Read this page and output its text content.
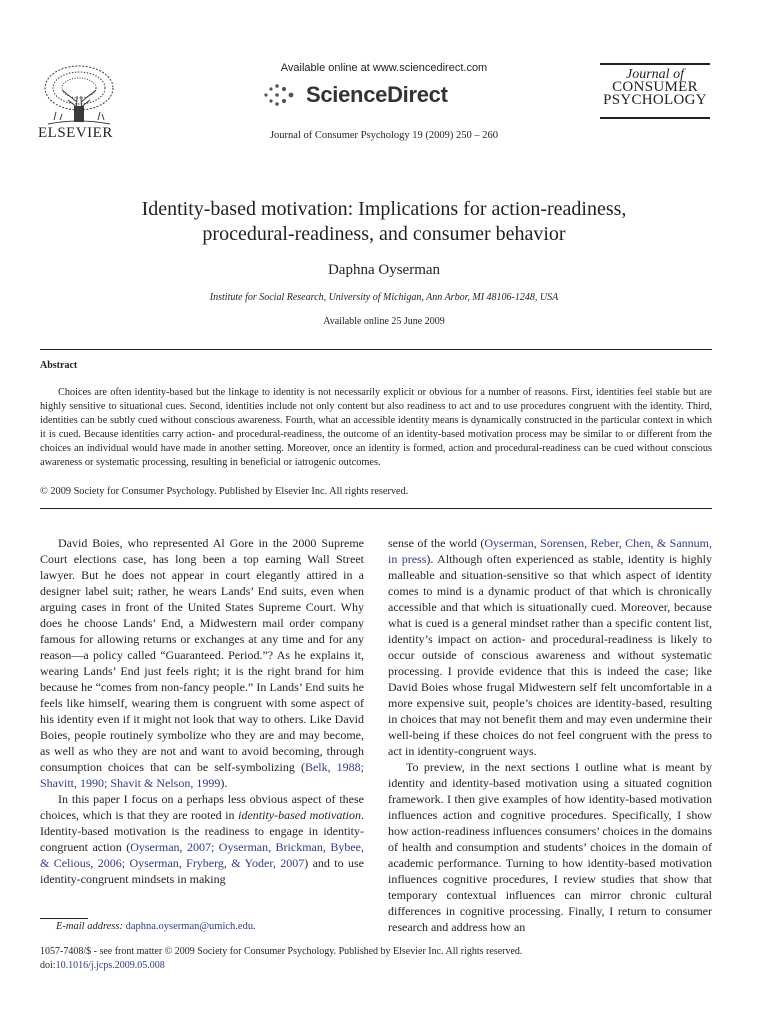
ELSEVIER
Available online at www.sciencedirect.com
ScienceDirect
Journal of Consumer Psychology 19 (2009) 250 – 260
Journal of
CONSUMER
PSYCHOLOGY
Identity-based motivation: Implications for action-readiness,
procedural-readiness, and consumer behavior
Daphna Oyserman
Institute for Social Research, University of Michigan, Ann Arbor, MI 48106-1248, USA
Available online 25 June 2009
Abstract
Choices are often identity-based but the linkage to identity is not necessarily explicit or obvious for a number of reasons. First, identities feel stable but are highly sensitive to situational cues. Second, identities include not only content but also readiness to act and to use procedures congruent with the identity. Third, identities can be subtly cued without conscious awareness. Fourth, what an accessible identity means is dynamically constructed in the particular context in which it is cued. Because identities carry action- and procedural-readiness, the outcome of an identity-based motivation process may be similar to or different from the choices an individual would have made in another setting. Moreover, once an identity is formed, action and procedural-readiness can be cued without conscious awareness or systematic processing, resulting in beneficial or iatrogenic outcomes.
© 2009 Society for Consumer Psychology. Published by Elsevier Inc. All rights reserved.

David Boies, who represented Al Gore in the 2000 Supreme Court elections case, has long been a top earning Wall Street lawyer. But he does not appear in court elegantly attired in a designer label suit; rather, he wears Lands’ End suits, even when arguing cases in front of the United States Supreme Court. Why does he choose Lands’ End, a Midwestern mail order company famous for allowing returns or exchanges at any time and for any reason—a policy called “Guaranteed. Period.”? As he explains it, wearing Lands’ End just feels right; it is the right brand for him because he “comes from non-fancy people.” In Lands’ End suits he feels like himself, wearing them is congruent with some aspect of his identity even if it might not look that way to others. Like David Boies, people routinely symbolize who they are and may become, as well as who they are not and want to avoid becoming, through consumption choices that can be self-symbolizing (Belk, 1988; Shavitt, 1990; Shavit & Nelson, 1999).

In this paper I focus on a perhaps less obvious aspect of these choices, which is that they are rooted in identity-based motivation. Identity-based motivation is the readiness to engage in identity-congruent action (Oyserman, 2007; Oyserman, Brickman, Bybee, & Celious, 2006; Oyserman, Fryberg, & Yoder, 2007) and to use identity-congruent mindsets in making

sense of the world (Oyserman, Sorensen, Reber, Chen, & Sannum, in press). Although often experienced as stable, identity is highly malleable and situation-sensitive so that which aspect of identity comes to mind is a dynamic product of that which is chronically accessible and that which is situationally cued. Moreover, because what is cued is a general mindset rather than a specific content list, identity’s impact on action- and procedural-readiness is likely to occur outside of conscious awareness and without systematic processing. I provide evidence that this is indeed the case; like David Boies whose frugal Midwestern self felt uncomfortable in a more expensive suit, people’s choices are identity-based, resulting in choices that may not benefit them and may even undermine their well-being if these choices do not feel congruent with the press to act in identity-congruent ways.

To preview, in the next sections I outline what is meant by identity and identity-based motivation using a situated cognition framework. I then give examples of how identity-based motivation influences action and cognitive procedures. Specifically, I show how action-readiness influences consumers’ choices in the domains of health and consumption and students’ choices in the domain of academic performance. Turning to how identity-based motivation influences cognitive procedures, I review studies that show that temporary contextual influences can mirror chronic cultural differences in cognitive processing. Finally, I return to consumer research and address how an

E-mail address: daphna.oyserman@umich.edu.
1057-7408/$ - see front matter © 2009 Society for Consumer Psychology. Published by Elsevier Inc. All rights reserved.
doi:10.1016/j.jcps.2009.05.008
